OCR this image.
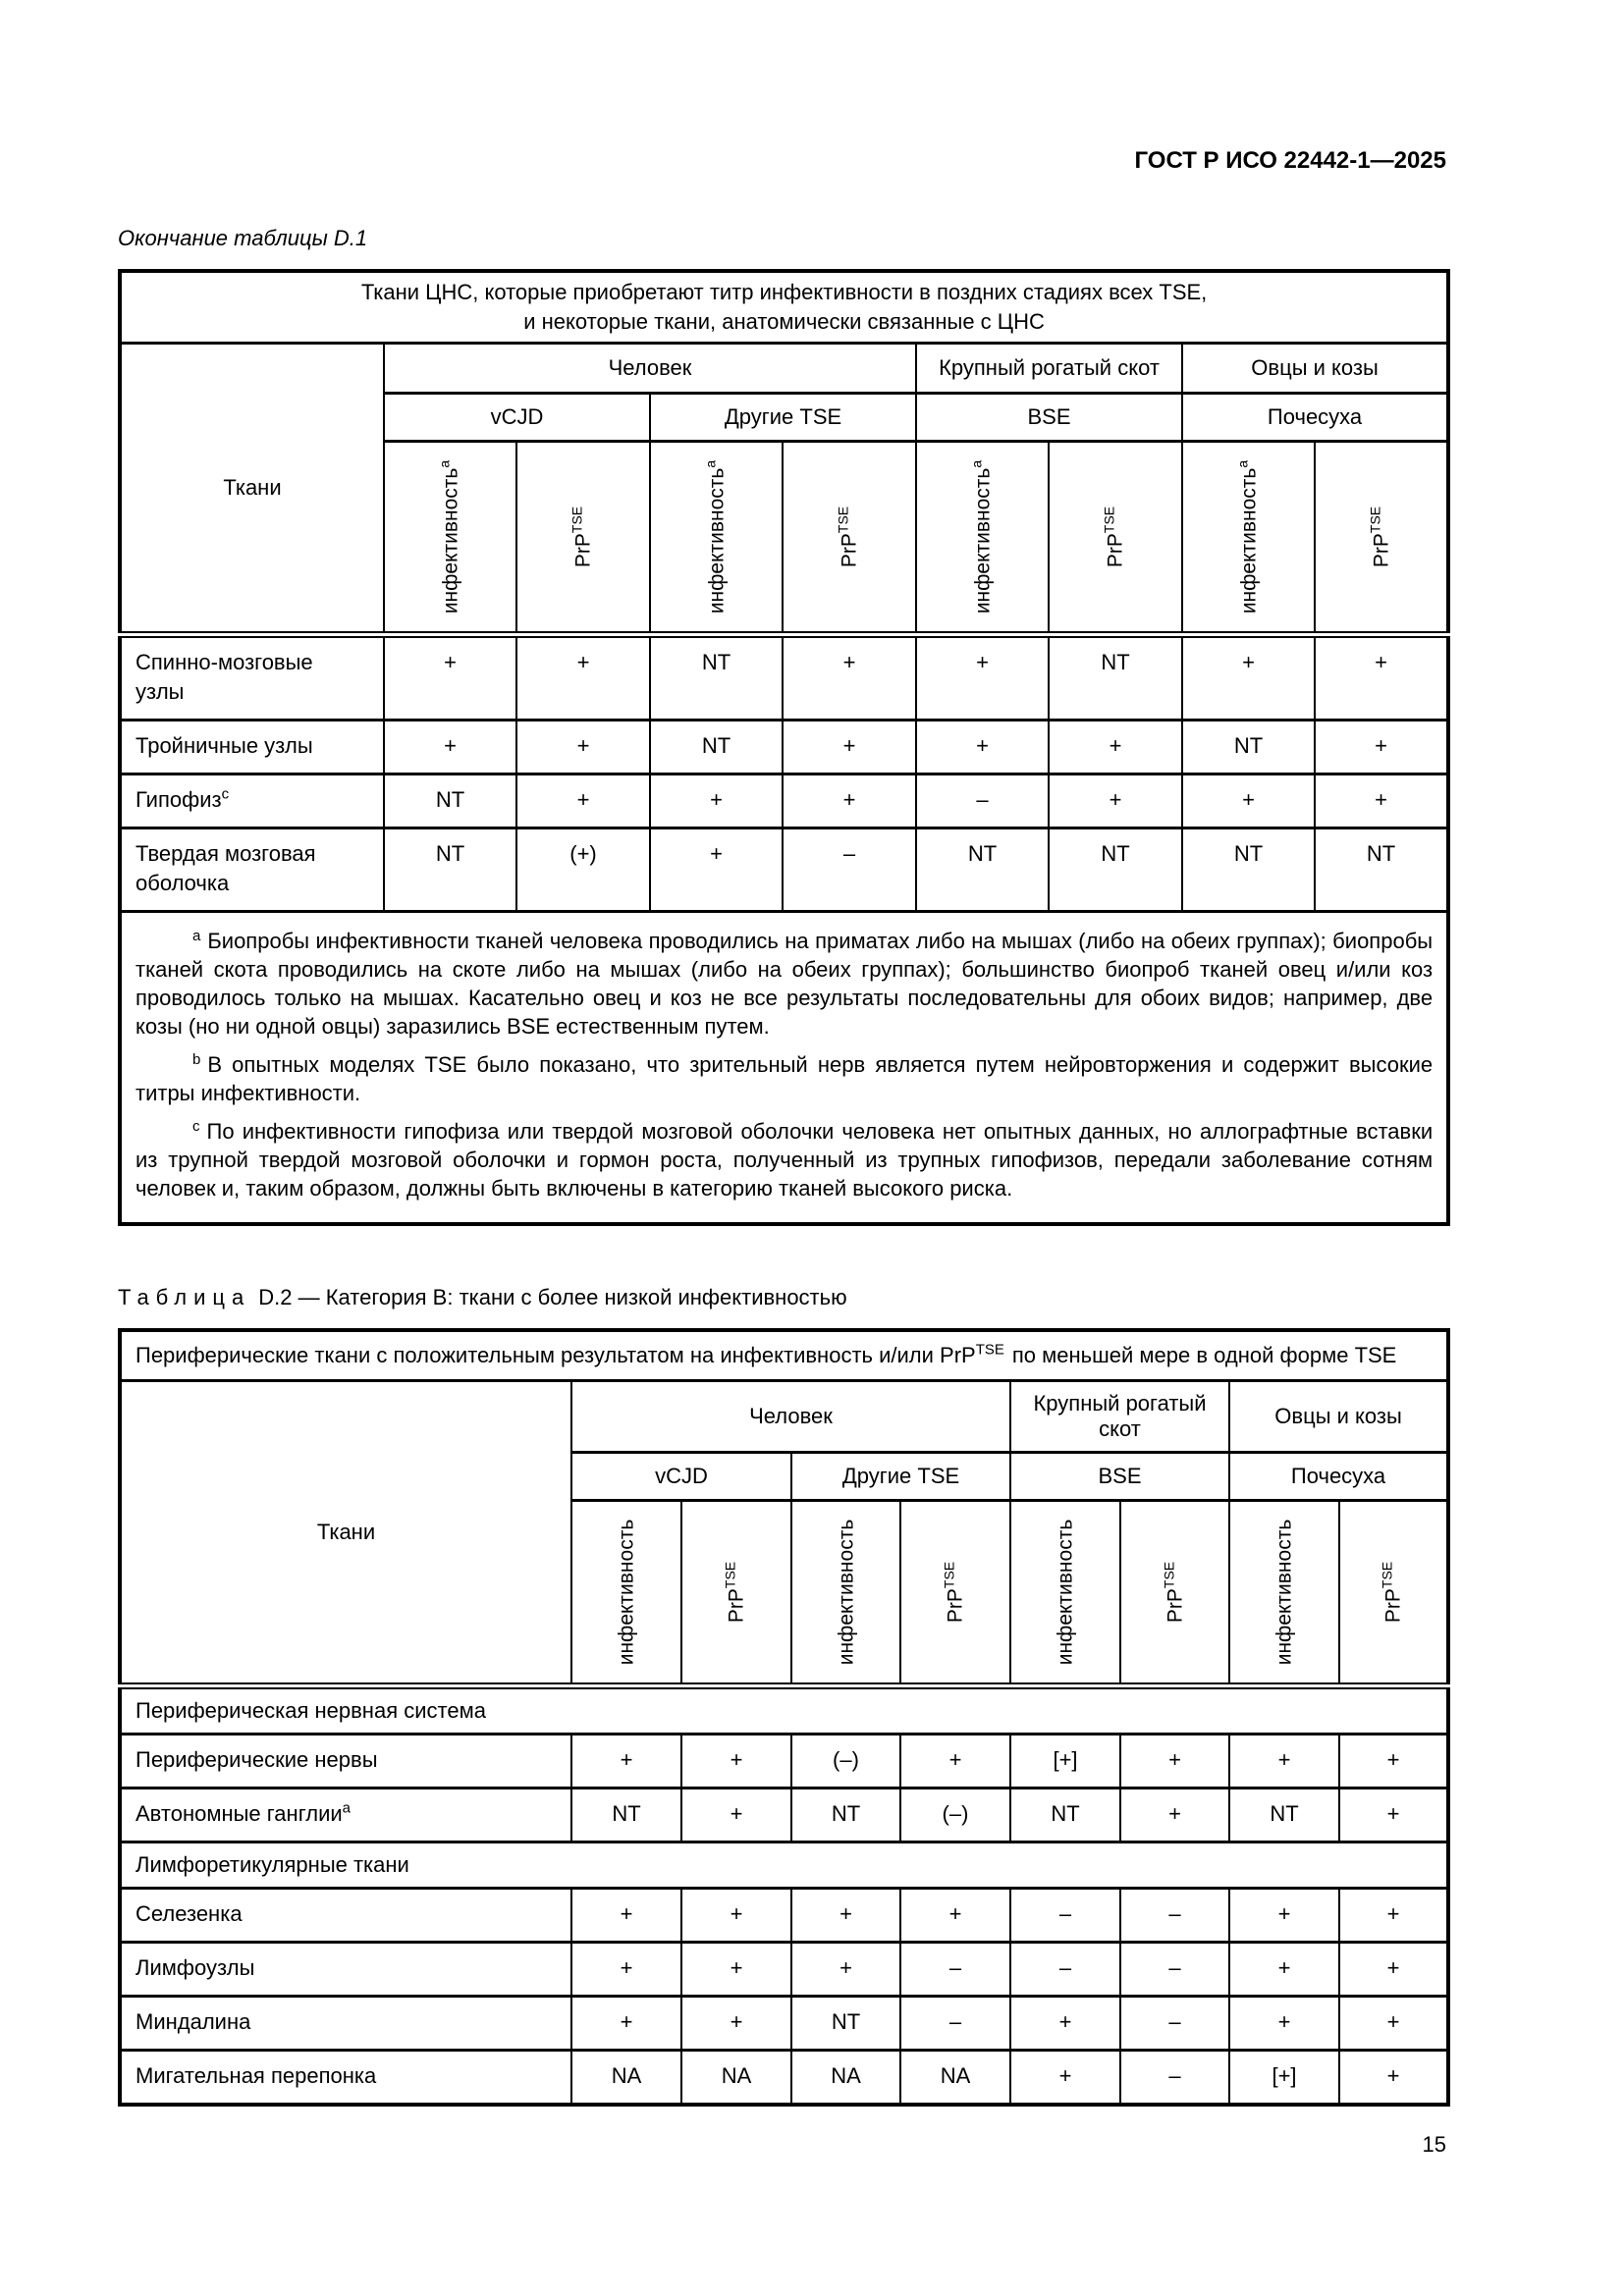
ГОСТ Р ИСО 22442-1—2025
Окончание таблицы D.1
Ткани ЦНС, которые приобретают титр инфективности в поздних стадиях всех TSE,
и некоторые ткани, анатомически связанные с ЦНС								

Ткани	Человек				Крупный рогатый скот		Овцы и козы	
	vCJD		Другие TSE		BSE		Почесуха	

	инфективность$^a$	PrP$^{TSE}$	инфективность$^a$	PrP$^{TSE}$	инфективность$^a$	PrP$^{TSE}$	инфективность$^a$	PrP$^{TSE}$

Спинно-мозговые узлы	+	+	NT	+	+	NT	+	+
Тройничные узлы	+	+	NT	+	+	+	NT	+
Гипофиз$^c$	NT	+	+	+	–	+	+	+
Твердая мозговая оболочка	NT	(+)	+	–	NT	NT	NT	NT

$^a$ Биопробы инфективности тканей человека проводились на приматах либо на мышах (либо на обеих группах); биопробы тканей скота проводились на скоте либо на мышах (либо на обеих группах); большинство биопроб тканей овец и/или коз проводилось только на мышах. Касательно овец и коз не все результаты последовательны для обоих видов; например, две козы (но ни одной овцы) заразились BSE естественным путем.

$^b$ В опытных моделях TSE было показано, что зрительный нерв является путем нейровторжения и содержит высокие титры инфективности.

$^c$ По инфективности гипофиза или твердой мозговой оболочки человека нет опытных данных, но аллографтные вставки из трупной твердой мозговой оболочки и гормон роста, полученный из трупных гипофизов, передали заболевание сотням человек и, таким образом, должны быть включены в категорию тканей высокого риска.								

Таблица D.2 — Категория B: ткани с более низкой инфективностью
Периферические ткани с положительным результатом на инфективность и/или PrP$^{TSE}$ по меньшей мере в одной форме TSE								
Ткани	Человек				Крупный рогатый скот		Овцы и козы	
	vCJD		Другие TSE		BSE		Почесуха	

	инфективность	PrP$^{TSE}$	инфективность	PrP$^{TSE}$	инфективность	PrP$^{TSE}$	инфективность	PrP$^{TSE}$

Периферическая нервная система								
Периферические нервы	+	+	(–)	+	[+]	+	+	+
Автономные ганглии$^a$	NT	+	NT	(–)	NT	+	NT	+
Лимфоретикулярные ткани								
Селезенка	+	+	+	+	–	–	+	+
Лимфоузлы	+	+	+	–	–	–	+	+
Миндалина	+	+	NT	–	+	–	+	+
Мигательная перепонка	NA	NA	NA	NA	+	–	[+]	+
15
